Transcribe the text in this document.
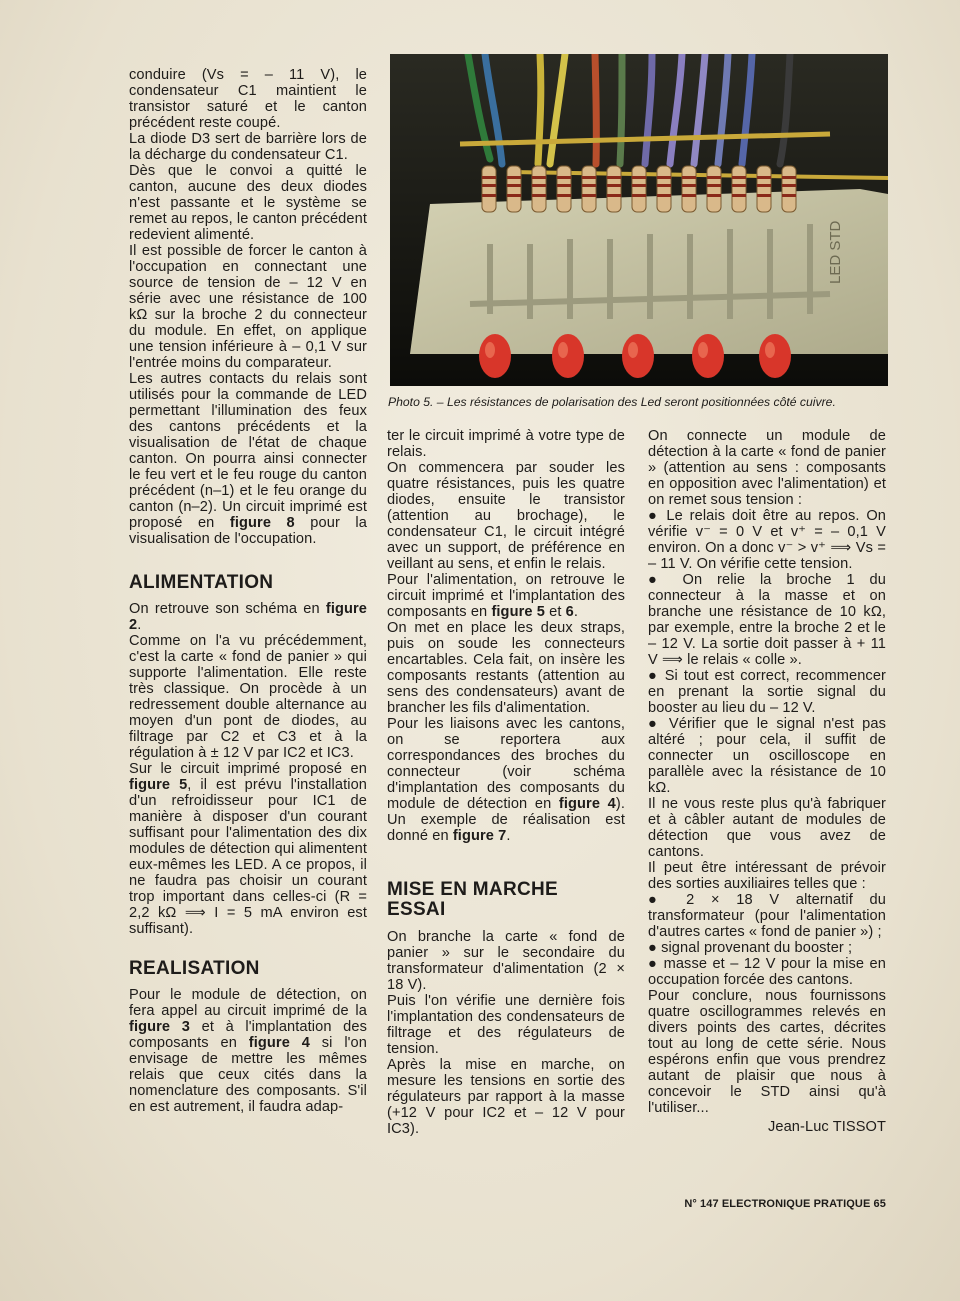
conduire (Vs = – 11 V), le condensateur C1 maintient le transistor saturé et le canton précédent reste coupé.

La diode D3 sert de barrière lors de la décharge du condensateur C1.

Dès que le convoi a quitté le canton, aucune des deux diodes n'est passante et le système se remet au repos, le canton précédent redevient alimenté.

Il est possible de forcer le canton à l'occupation en connectant une source de tension de – 12 V en série avec une résistance de 100 kΩ sur la broche 2 du connecteur du module. En effet, on applique une tension inférieure à – 0,1 V sur l'entrée moins du comparateur.

Les autres contacts du relais sont utilisés pour la commande de LED permettant l'illumination des feux des cantons précédents et la visualisation de l'état de chaque canton. On pourra ainsi connecter le feu vert et le feu rouge du canton précédent (n–1) et le feu orange du canton (n–2). Un circuit imprimé est proposé en figure 8 pour la visualisation de l'occupation.

ALIMENTATION

On retrouve son schéma en figure 2.

Comme on l'a vu précédemment, c'est la carte « fond de panier » qui supporte l'alimentation. Elle reste très classique. On procède à un redressement double alternance au moyen d'un pont de diodes, au filtrage par C2 et C3 et à la régulation à ± 12 V par IC2 et IC3.

Sur le circuit imprimé proposé en figure 5, il est prévu l'installation d'un refroidisseur pour IC1 de manière à disposer d'un courant suffisant pour l'alimentation des dix modules de détection qui alimentent eux-mêmes les LED. A ce propos, il ne faudra pas choisir un courant trop important dans celles-ci (R = 2,2 kΩ ⟹ I = 5 mA environ est suffisant).

REALISATION

Pour le module de détection, on fera appel au circuit imprimé de la figure 3 et à l'implantation des composants en figure 4 si l'on envisage de mettre les mêmes relais que ceux cités dans la nomenclature des composants. S'il en est autrement, il faudra adap-

LED STD
Photo 5. – Les résistances de polarisation des Led seront positionnées côté cuivre.

ter le circuit imprimé à votre type de relais.

On commencera par souder les quatre résistances, puis les quatre diodes, ensuite le transistor (attention au brochage), le condensateur C1, le circuit intégré avec un support, de préférence en veillant au sens, et enfin le relais.

Pour l'alimentation, on retrouve le circuit imprimé et l'implantation des composants en figure 5 et 6.

On met en place les deux straps, puis on soude les connecteurs encartables. Cela fait, on insère les composants restants (attention au sens des condensateurs) avant de brancher les fils d'alimentation.

Pour les liaisons avec les cantons, on se reportera aux correspondances des broches du connecteur (voir schéma d'implantation des composants du module de détection en figure 4). Un exemple de réalisation est donné en figure 7.

MISE EN MARCHE
ESSAI

On branche la carte « fond de panier » sur le secondaire du transformateur d'alimentation (2 × 18 V).

Puis l'on vérifie une dernière fois l'implantation des condensateurs de filtrage et des régulateurs de tension.

Après la mise en marche, on mesure les tensions en sortie des régulateurs par rapport à la masse (+12 V pour IC2 et – 12 V pour IC3).

On connecte un module de détection à la carte « fond de panier » (attention au sens : composants en opposition avec l'alimentation) et on remet sous tension :

● Le relais doit être au repos. On vérifie v⁻ = 0 V et v⁺ = – 0,1 V environ. On a donc v⁻ > v⁺ ⟹ Vs = – 11 V. On vérifie cette tension.

● On relie la broche 1 du connecteur à la masse et on branche une résistance de 10 kΩ, par exemple, entre la broche 2 et le – 12 V. La sortie doit passer à + 11 V ⟹ le relais « colle ».

● Si tout est correct, recommencer en prenant la sortie signal du booster au lieu du – 12 V.

● Vérifier que le signal n'est pas altéré ; pour cela, il suffit de connecter un oscilloscope en parallèle avec la résistance de 10 kΩ.

Il ne vous reste plus qu'à fabriquer et à câbler autant de modules de détection que vous avez de cantons.

Il peut être intéressant de prévoir des sorties auxiliaires telles que :

● 2 × 18 V alternatif du transformateur (pour l'alimentation d'autres cartes « fond de panier ») ;

● signal provenant du booster ;

● masse et – 12 V pour la mise en occupation forcée des cantons.

Pour conclure, nous fournissons quatre oscillogrammes relevés en divers points des cartes, décrites tout au long de cette série. Nous espérons enfin que vous prendrez autant de plaisir que nous à concevoir le STD ainsi qu'à l'utiliser...

Jean-Luc TISSOT

N° 147 ELECTRONIQUE PRATIQUE 65
